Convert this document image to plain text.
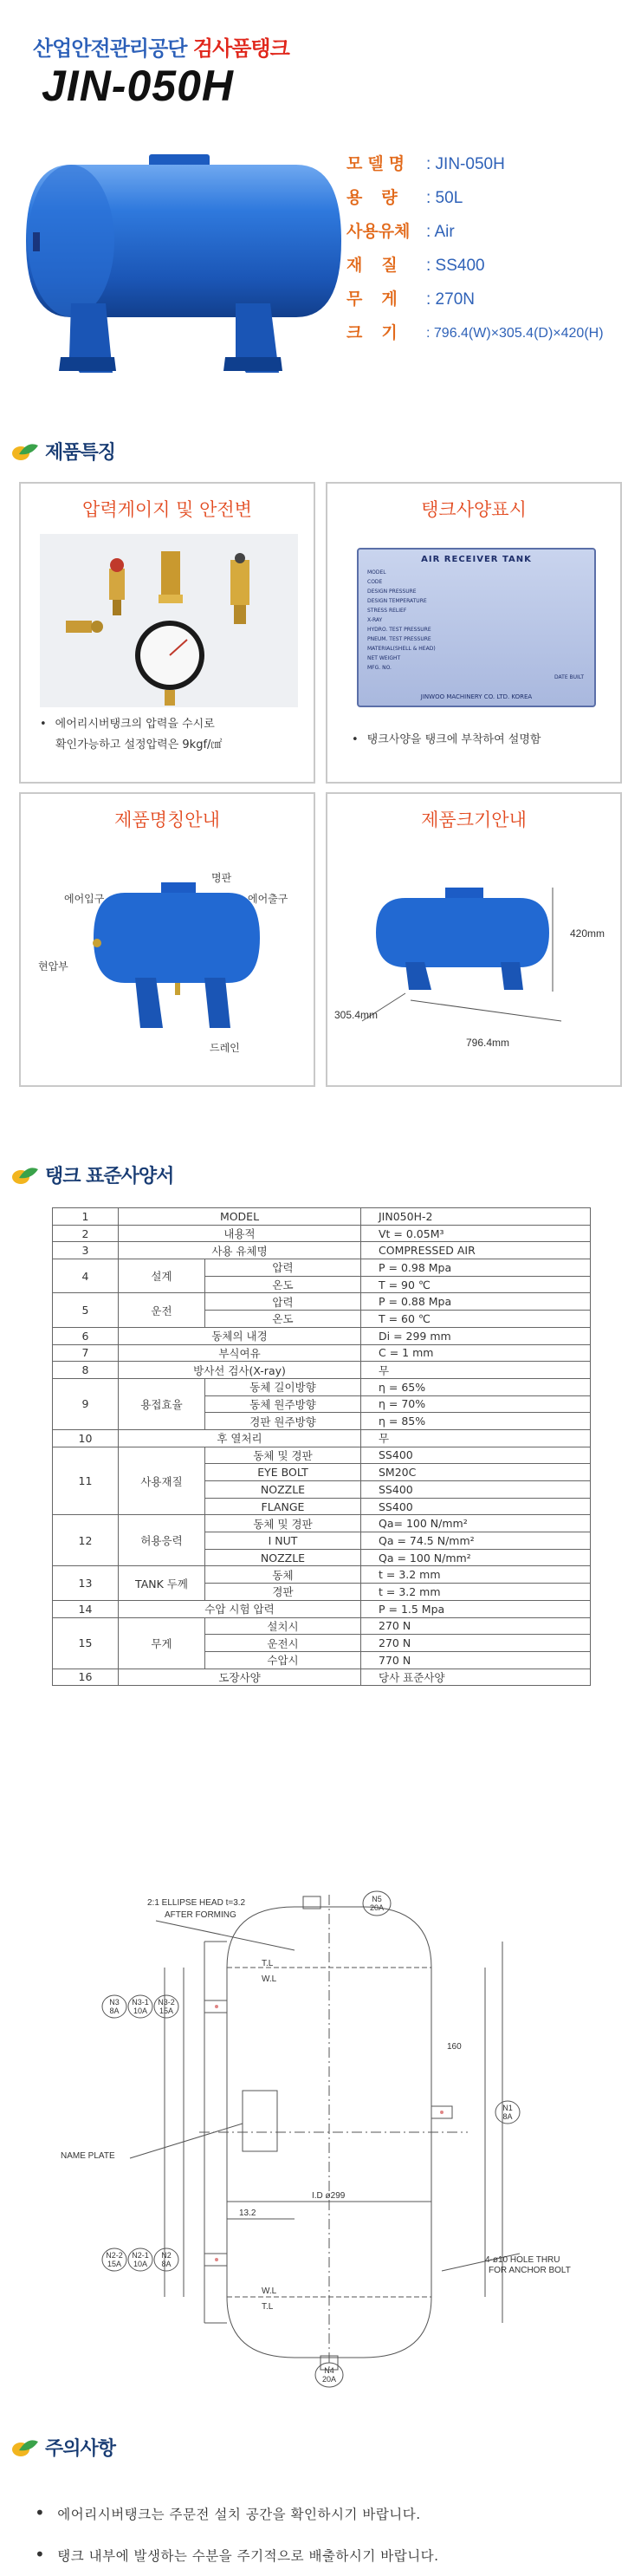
산업안전관리공단 검사품탱크
JIN-050H
모델명 : JIN-050H
용량 : 50L
사용유체 : Air
재질 : SS400
무게 : 270N
크기 : 796.4(W)×305.4(D)×420(H)
제품특징
압력게이지 및 안전변
• 에어리시버탱크의 압력을 수시로
확인가능하고 설정압력은 9kgf/㎠
탱크사양표시
AIR RECEIVER TANK
MODEL
CODE
DESIGN PRESSURE
DESIGN TEMPERATURE
STRESS RELIEF
X-RAY
HYDRO. TEST PRESSURE
PNEUM. TEST PRESSURE
MATERIAL(SHELL & HEAD)
NET WEIGHT
MFG. NO.
DATE BUILT
JINWOO MACHINERY CO. LTD. KOREA
• 탱크사양을 탱크에 부착하여 설명함
제품명칭안내
명판
에어입구	에어출구
현압부
드레인
제품크기안내
420mm
305.4mm
796.4mm
탱크 표준사양서
1	MODEL		JIN050H-2
2	내용적		Vt = 0.05M³
3	사용 유체명		COMPRESSED AIR
4	설계	압력	P = 0.98 Mpa
		온도	T = 90 ℃
5	운전	압력	P = 0.88 Mpa
		온도	T = 60 ℃
6	동체의 내경		Di = 299 mm
7	부식여유		C = 1 mm
8	방사선 검사(X-ray)		무
9	용접효율	동체 길이방향	η = 65%
		동체 원주방향	η = 70%
		경판 원주방향	η = 85%
10	후 열처리		무
11	사용재질	동체 및 경판	SS400
		EYE BOLT	SM20C
		NOZZLE	SS400
		FLANGE	SS400
12	허용응력	동체 및 경판	Qa= 100 N/mm²
		I NUT	Qa = 74.5 N/mm²
		NOZZLE	Qa = 100 N/mm²
13	TANK 두께	동체	t = 3.2 mm
		경판	t = 3.2 mm
14	수압 시험 압력		P = 1.5 Mpa
15	무게	설치시	270 N
		운전시	270 N
		수압시	770 N
16	도장사양		당사 표준사양
N5
20A
N3
8A
N3-1
10A
N3-2
15A
N1
8A
N2-2
15A
N2-1
10A
N2
8A
N4
20A
2:1 ELLIPSE HEAD t=3.2
AFTER FORMING
NAME PLATE
4-ø10 HOLE THRU
FOR ANCHOR BOLT
T.L
W.L
W.L
T.L
I.D ø299
13.2
160
주의사항
• 에어리시버탱크는 주문전 설치 공간을 확인하시기 바랍니다.
• 탱크 내부에 발생하는 수분을 주기적으로 배출하시기 바랍니다.
